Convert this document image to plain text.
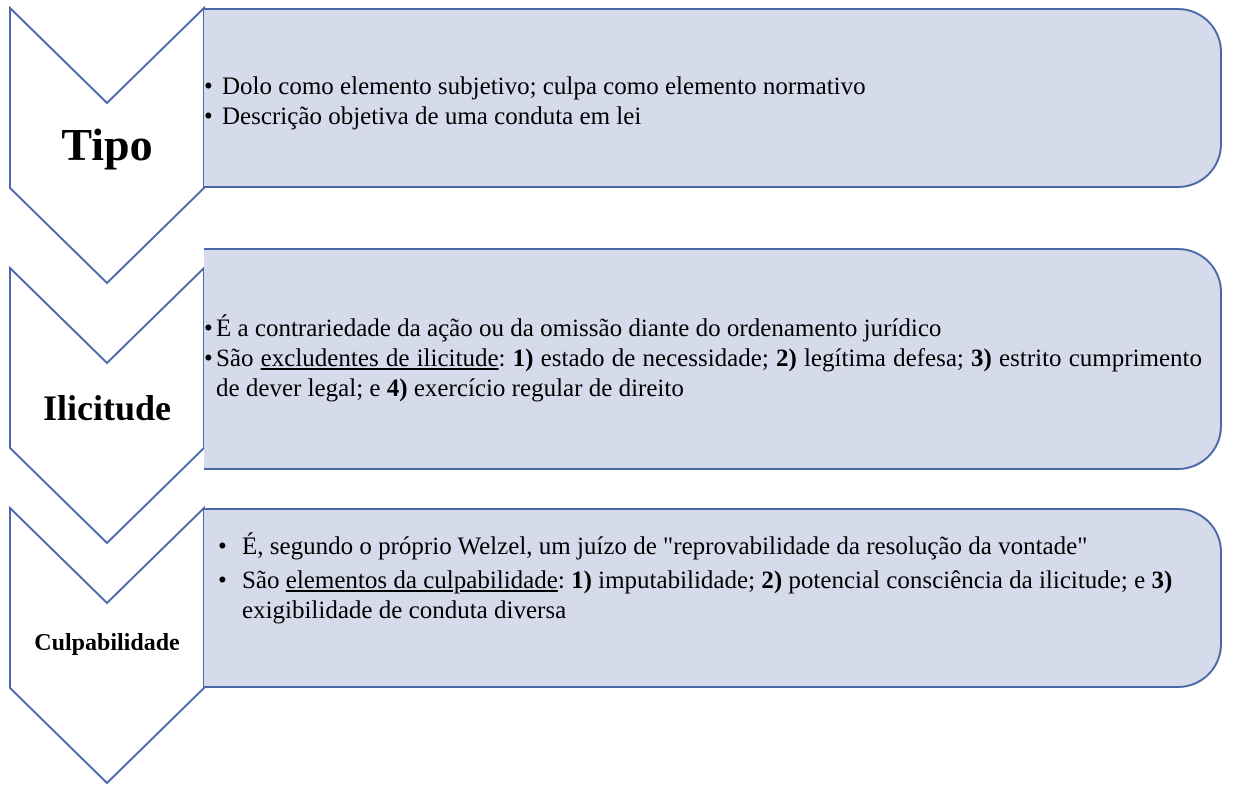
Tipo
• Dolo como elemento subjetivo; culpa como elemento normativo
• Descrição objetiva de uma conduta em lei
Ilicitude
• É a contrariedade da ação ou da omissão diante do ordenamento jurídico
• São excludentes de ilicitude: 1) estado de necessidade; 2) legítima defesa; 3) estrito cumprimento de dever legal; e 4) exercício regular de direito
Culpabilidade
• É, segundo o próprio Welzel, um juízo de "reprovabilidade da resolução da vontade"
• São elementos da culpabilidade: 1) imputabilidade; 2) potencial consciência da ilicitude; e 3) exigibilidade de conduta diversa
